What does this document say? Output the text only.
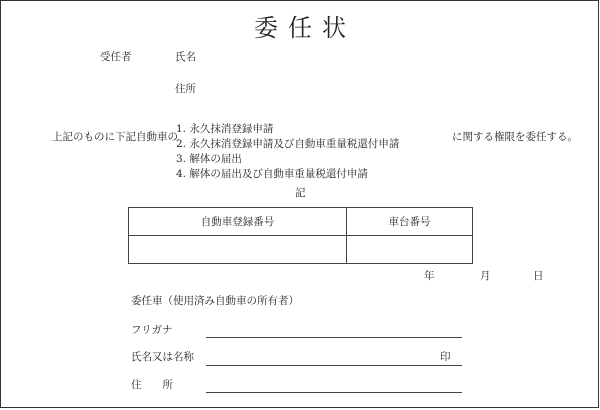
委任状
受任者	氏名
住所
上記のものに下記自動車の
1. 永久抹消登録申請
2. 永久抹消登録申請及び自動車重量税還付申請
3. 解体の届出
4. 解体の届出及び自動車重量税還付申請
に関する権限を委任する。
記
自動車登録番号	車台番号

年	月	日
委任車（使用済み自動車の所有者）
フリガナ
氏名又は名称	印
住　　所
